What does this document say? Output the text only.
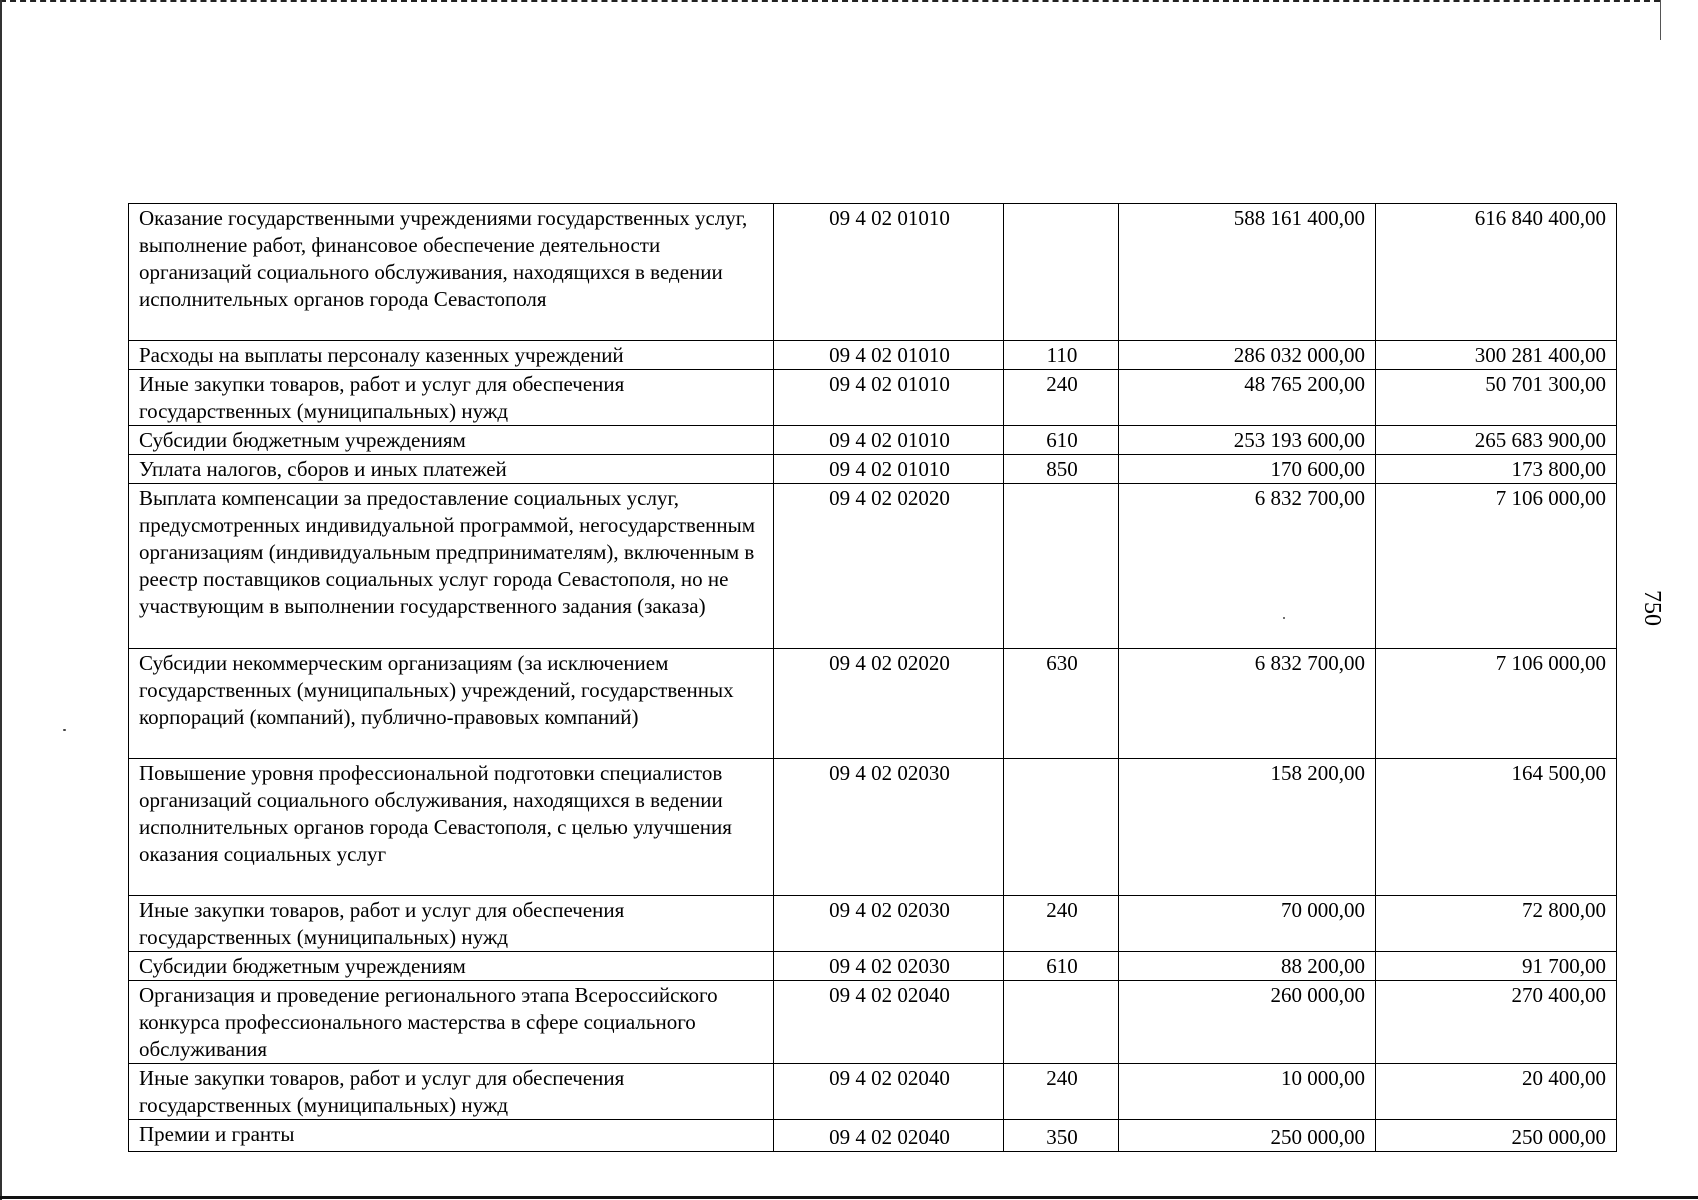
Оказание государственными учреждениями государственных услуг, выполнение работ, финансовое обеспечение деятельности организаций социального обслуживания, находящихся в ведении исполнительных органов города Севастополя	09 4 02 01010		588 161 400,00	616 840 400,00
Расходы на выплаты персоналу казенных учреждений	09 4 02 01010	110	286 032 000,00	300 281 400,00
Иные закупки товаров, работ и услуг для обеспечения государственных (муниципальных) нужд	09 4 02 01010	240	48 765 200,00	50 701 300,00
Субсидии бюджетным учреждениям	09 4 02 01010	610	253 193 600,00	265 683 900,00
Уплата налогов, сборов и иных платежей	09 4 02 01010	850	170 600,00	173 800,00
Выплата компенсации за предоставление социальных услуг, предусмотренных индивидуальной программой, негосударственным организациям (индивидуальным предпринимателям), включенным в реестр поставщиков социальных услуг города Севастополя, но не участвующим в выполнении государственного задания (заказа)	09 4 02 02020		6 832 700,00	7 106 000,00
Субсидии некоммерческим организациям (за исключением государственных (муниципальных) учреждений, государственных корпораций (компаний), публично-правовых компаний)	09 4 02 02020	630	6 832 700,00	7 106 000,00
Повышение уровня профессиональной подготовки специалистов организаций социального обслуживания, находящихся в ведении исполнительных органов города Севастополя, с целью улучшения оказания социальных услуг	09 4 02 02030		158 200,00	164 500,00
Иные закупки товаров, работ и услуг для обеспечения государственных (муниципальных) нужд	09 4 02 02030	240	70 000,00	72 800,00
Субсидии бюджетным учреждениям	09 4 02 02030	610	88 200,00	91 700,00
Организация и проведение регионального этапа Всероссийского конкурса профессионального мастерства в сфере социального обслуживания	09 4 02 02040		260 000,00	270 400,00
Иные закупки товаров, работ и услуг для обеспечения государственных (муниципальных) нужд	09 4 02 02040	240	10 000,00	20 400,00
Премии и гранты	09 4 02 02040	350	250 000,00	250 000,00
750
